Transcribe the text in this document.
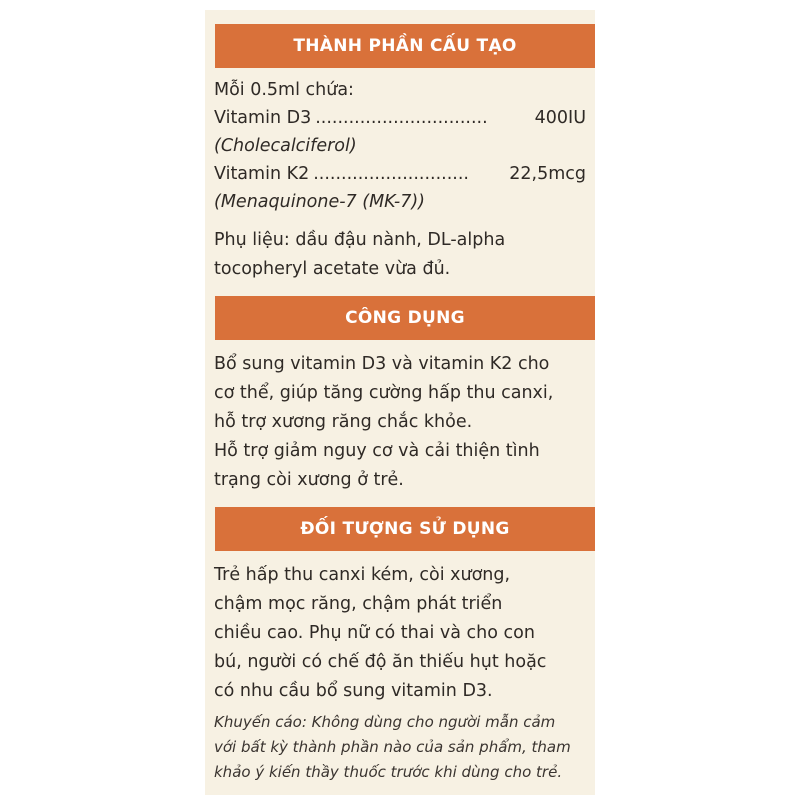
THÀNH PHẦN CẤU TẠO
Mỗi 0.5ml chứa:
Vitamin D3 ...............................	400IU
(Cholecalciferol)
Vitamin K2 ............................	22,5mcg
(Menaquinone-7 (MK-7))
Phụ liệu: dầu đậu nành, DL-alpha
tocopheryl acetate vừa đủ.
CÔNG DỤNG
Bổ sung vitamin D3 và vitamin K2 cho
cơ thể, giúp tăng cường hấp thu canxi,
hỗ trợ xương răng chắc khỏe.
Hỗ trợ giảm nguy cơ và cải thiện tình
trạng còi xương ở trẻ.
ĐỐI TƯỢNG SỬ DỤNG
Trẻ hấp thu canxi kém, còi xương,
chậm mọc răng, chậm phát triển
chiều cao. Phụ nữ có thai và cho con
bú, người có chế độ ăn thiếu hụt hoặc
có nhu cầu bổ sung vitamin D3.
Khuyến cáo: Không dùng cho người mẫn cảm
với bất kỳ thành phần nào của sản phẩm, tham
khảo ý kiến thầy thuốc trước khi dùng cho trẻ.
